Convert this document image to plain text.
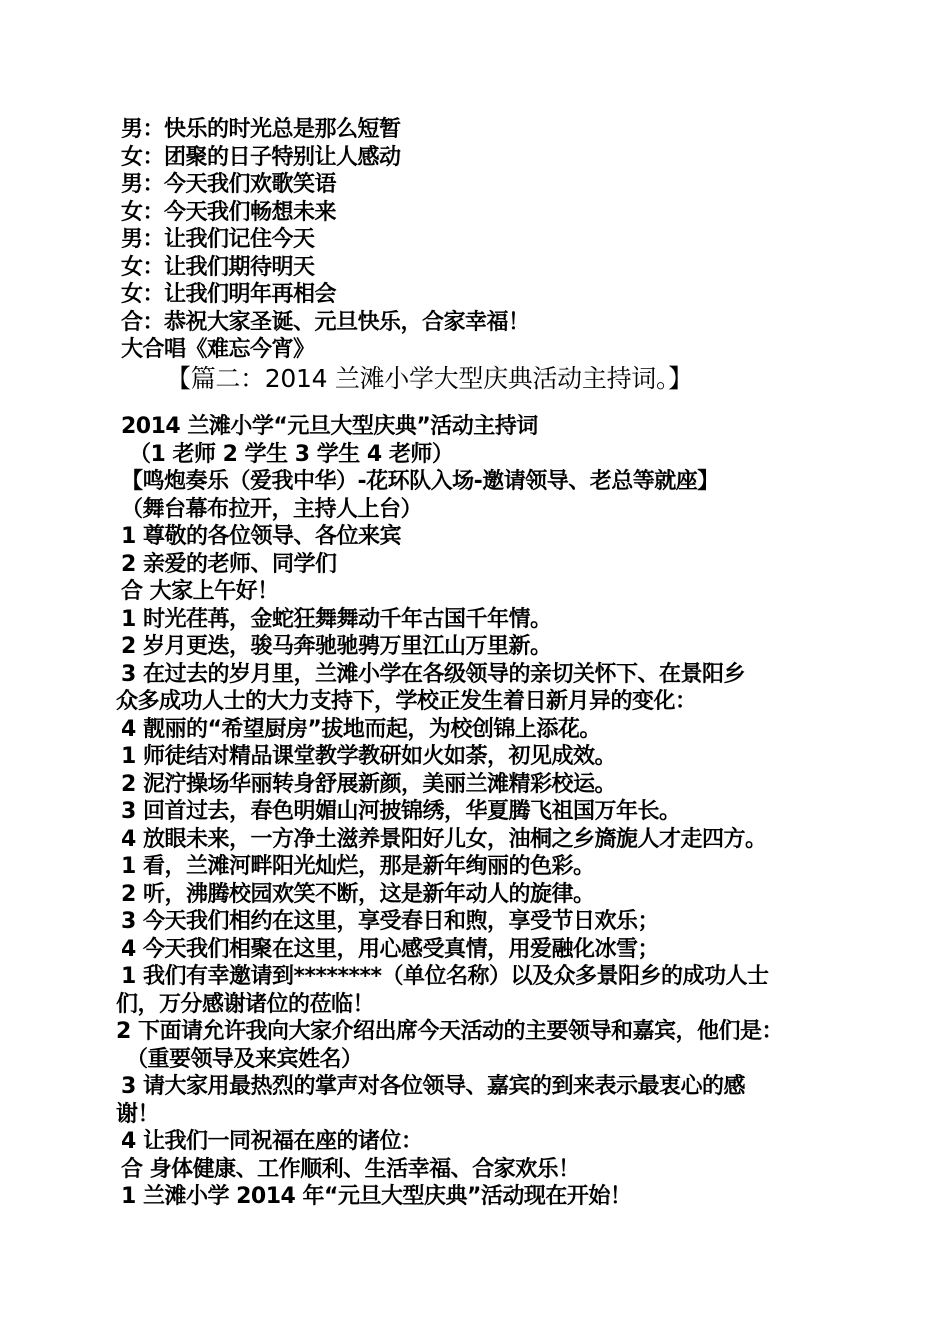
男：快乐的时光总是那么短暂
女：团聚的日子特别让人感动
男：今天我们欢歌笑语
女：今天我们畅想未来
男：让我们记住今天
女：让我们期待明天
女：让我们明年再相会
合：恭祝大家圣诞、元旦快乐，合家幸福！
大合唱《难忘今宵》
【篇二：2014 兰滩小学大型庆典活动主持词。】
2014 兰滩小学“元旦大型庆典”活动主持词
（1 老师 2 学生 3 学生 4 老师）
【鸣炮奏乐（爱我中华）-花环队入场-邀请领导、老总等就座】
（舞台幕布拉开，主持人上台）
1 尊敬的各位领导、各位来宾
2 亲爱的老师、同学们
合 大家上午好！
1 时光荏苒，金蛇狂舞舞动千年古国千年情。
2 岁月更迭，骏马奔驰驰骋万里江山万里新。
3 在过去的岁月里，兰滩小学在各级领导的亲切关怀下、在景阳乡
众多成功人士的大力支持下，学校正发生着日新月异的变化：
4 靓丽的“希望厨房”拔地而起，为校创锦上添花。
1 师徒结对精品课堂教学教研如火如荼，初见成效。
2 泥泞操场华丽转身舒展新颜，美丽兰滩精彩校运。
3 回首过去，春色明媚山河披锦绣，华夏腾飞祖国万年长。
4 放眼未来，一方净土滋养景阳好儿女，油桐之乡旖旎人才走四方。
1 看，兰滩河畔阳光灿烂，那是新年绚丽的色彩。
2 听，沸腾校园欢笑不断，这是新年动人的旋律。
3 今天我们相约在这里，享受春日和煦，享受节日欢乐；
4 今天我们相聚在这里，用心感受真情，用爱融化冰雪；
1 我们有幸邀请到********（单位名称）以及众多景阳乡的成功人士
们，万分感谢诸位的莅临！
2 下面请允许我向大家介绍出席今天活动的主要领导和嘉宾，他们是：
（重要领导及来宾姓名）
3 请大家用最热烈的掌声对各位领导、嘉宾的到来表示最衷心的感
谢！
4 让我们一同祝福在座的诸位：
合 身体健康、工作顺利、生活幸福、合家欢乐！
1 兰滩小学 2014 年“元旦大型庆典”活动现在开始！
